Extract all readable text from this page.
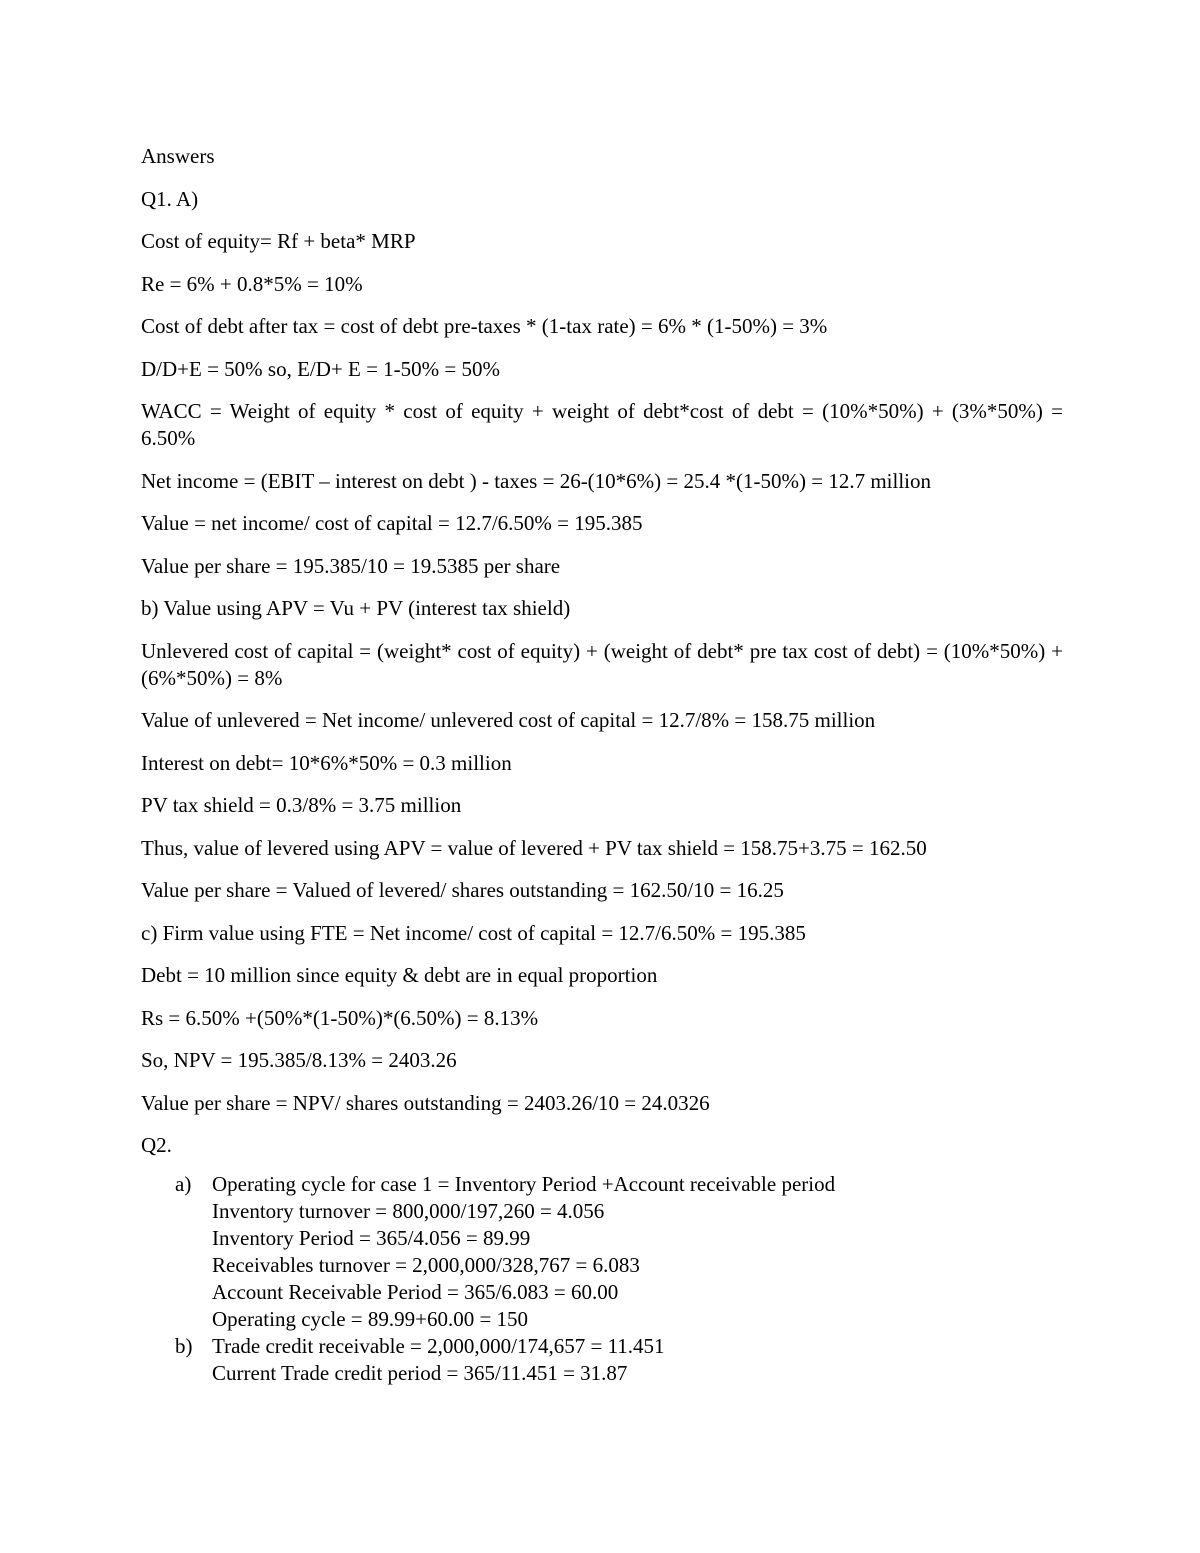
Answers

Q1. A)

Cost of equity= Rf + beta* MRP

Re = 6% + 0.8*5% = 10%

Cost of debt after tax = cost of debt pre-taxes * (1-tax rate) = 6% * (1-50%) = 3%

D/D+E = 50% so, E/D+ E = 1-50% = 50%

WACC = Weight of equity * cost of equity + weight of debt*cost of debt = (10%*50%) + (3%*50%) = 6.50%

Net income = (EBIT – interest on debt ) - taxes = 26-(10*6%) = 25.4 *(1-50%) = 12.7 million

Value = net income/ cost of capital = 12.7/6.50% = 195.385

Value per share = 195.385/10 = 19.5385 per share

b) Value using APV = Vu + PV (interest tax shield)

Unlevered cost of capital = (weight* cost of equity) + (weight of debt* pre tax cost of debt) = (10%*50%) + (6%*50%) = 8%

Value of unlevered = Net income/ unlevered cost of capital = 12.7/8% = 158.75 million

Interest on debt= 10*6%*50% = 0.3 million

PV tax shield = 0.3/8% = 3.75 million

Thus, value of levered using APV = value of levered + PV tax shield = 158.75+3.75 = 162.50

Value per share = Valued of levered/ shares outstanding = 162.50/10 = 16.25

c) Firm value using FTE = Net income/ cost of capital = 12.7/6.50% = 195.385

Debt = 10 million since equity & debt are in equal proportion

Rs = 6.50% +(50%*(1-50%)*(6.50%) = 8.13%

So, NPV = 195.385/8.13% = 2403.26

Value per share = NPV/ shares outstanding = 2403.26/10 = 24.0326

Q2.

a) Operating cycle for case 1 = Inventory Period +Account receivable period
Inventory turnover = 800,000/197,260 = 4.056
Inventory Period = 365/4.056 = 89.99
Receivables turnover = 2,000,000/328,767 = 6.083
Account Receivable Period = 365/6.083 = 60.00
Operating cycle = 89.99+60.00 = 150
b) Trade credit receivable = 2,000,000/174,657 = 11.451
Current Trade credit period = 365/11.451 = 31.87
